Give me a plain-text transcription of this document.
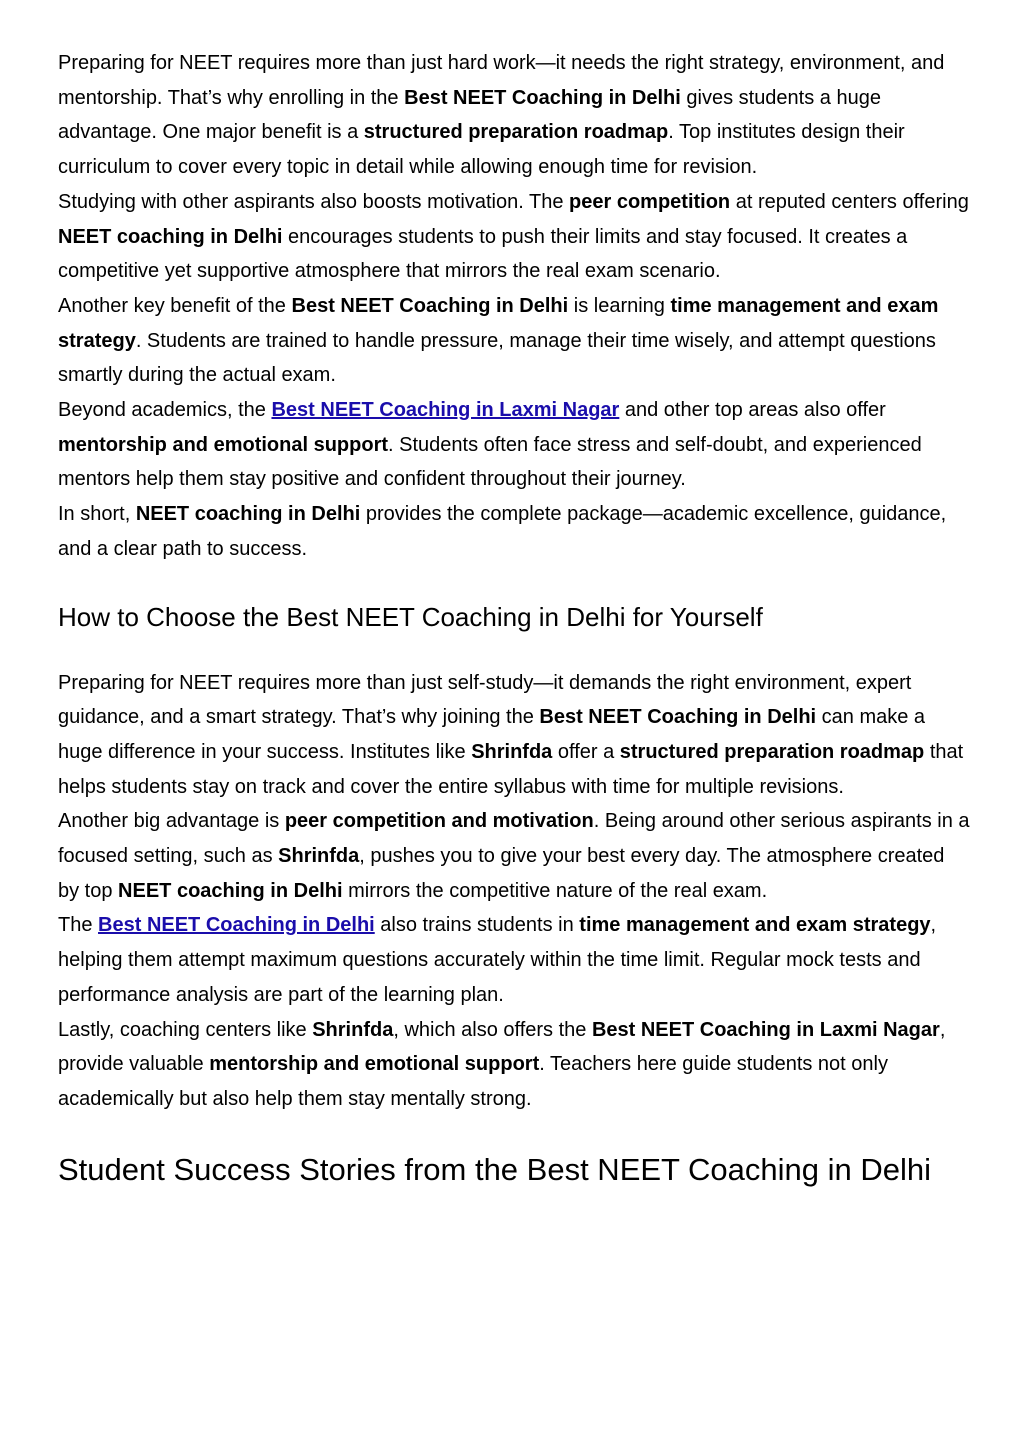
Preparing for NEET requires more than just hard work—it needs the right strategy, environment, and mentorship. That’s why enrolling in the Best NEET Coaching in Delhi gives students a huge advantage. One major benefit is a structured preparation roadmap. Top institutes design their curriculum to cover every topic in detail while allowing enough time for revision.

Studying with other aspirants also boosts motivation. The peer competition at reputed centers offering NEET coaching in Delhi encourages students to push their limits and stay focused. It creates a competitive yet supportive atmosphere that mirrors the real exam scenario.

Another key benefit of the Best NEET Coaching in Delhi is learning time management and exam strategy. Students are trained to handle pressure, manage their time wisely, and attempt questions smartly during the actual exam.

Beyond academics, the Best NEET Coaching in Laxmi Nagar and other top areas also offer mentorship and emotional support. Students often face stress and self-doubt, and experienced mentors help them stay positive and confident throughout their journey.

In short, NEET coaching in Delhi provides the complete package—academic excellence, guidance, and a clear path to success.

How to Choose the Best NEET Coaching in Delhi for Yourself

Preparing for NEET requires more than just self-study—it demands the right environment, expert guidance, and a smart strategy. That’s why joining the Best NEET Coaching in Delhi can make a huge difference in your success. Institutes like Shrinfda offer a structured preparation roadmap that helps students stay on track and cover the entire syllabus with time for multiple revisions.

Another big advantage is peer competition and motivation. Being around other serious aspirants in a focused setting, such as Shrinfda, pushes you to give your best every day. The atmosphere created by top NEET coaching in Delhi mirrors the competitive nature of the real exam.

The Best NEET Coaching in Delhi also trains students in time management and exam strategy, helping them attempt maximum questions accurately within the time limit. Regular mock tests and performance analysis are part of the learning plan.

Lastly, coaching centers like Shrinfda, which also offers the Best NEET Coaching in Laxmi Nagar, provide valuable mentorship and emotional support. Teachers here guide students not only academically but also help them stay mentally strong.

Student Success Stories from the Best NEET Coaching in Delhi
